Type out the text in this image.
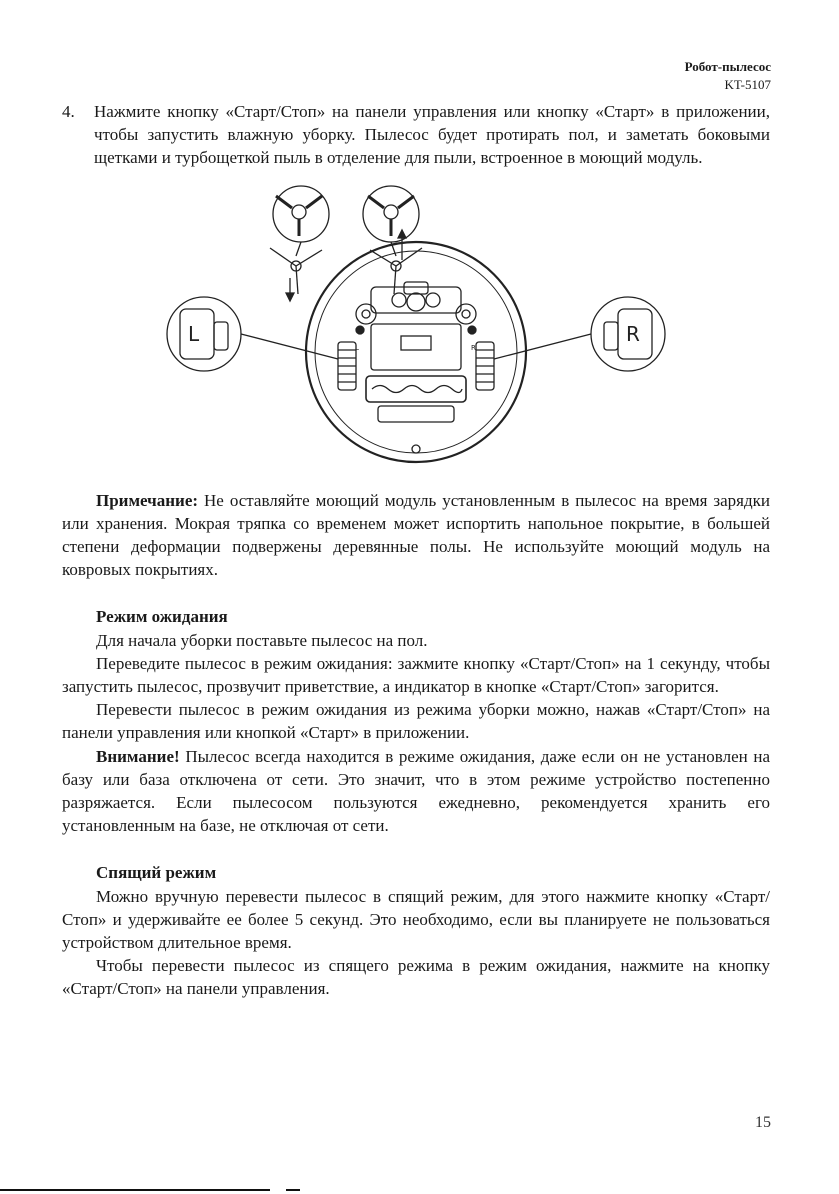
Робот-пылесос
KT-5107

4. Нажмите кнопку «Старт/Стоп» на панели управления или кнопку «Старт» в приложении, чтобы запустить влажную уборку. Пылесос будет протирать пол, и заметать боковыми щетками и турбощеткой пыль в отделение для пыли, встроенное в моющий модуль.

L	R
L	R

Примечание: Не оставляйте моющий модуль установленным в пылесос на время зарядки или хранения. Мокрая тряпка со временем может испортить напольное покрытие, в большей степени деформации подвержены деревянные полы. Не используйте моющий модуль на ковровых покрытиях.

Режим ожидания

Для начала уборки поставьте пылесос на пол.

Переведите пылесос в режим ожидания: зажмите кнопку «Старт/Стоп» на 1 секунду, чтобы запустить пылесос, прозвучит приветствие, а индикатор в кнопке «Старт/Стоп» загорится.

Перевести пылесос в режим ожидания из режима уборки можно, нажав «Старт/Стоп» на панели управления или кнопкой «Старт» в приложении.

Внимание! Пылесос всегда находится в режиме ожидания, даже если он не установлен на базу или база отключена от сети. Это значит, что в этом режиме устройство постепенно разряжается. Если пылесосом пользуются ежедневно, рекомендуется хранить его установленным на базе, не отключая от сети.

Спящий режим

Можно вручную перевести пылесос в спящий режим, для этого нажмите кнопку «Старт/Стоп» и удерживайте ее более 5 секунд. Это необходимо, если вы планируете не пользоваться устройством длительное время.

Чтобы перевести пылесос из спящего режима в режим ожидания, нажмите на кнопку «Старт/Стоп» на панели управления.

15
